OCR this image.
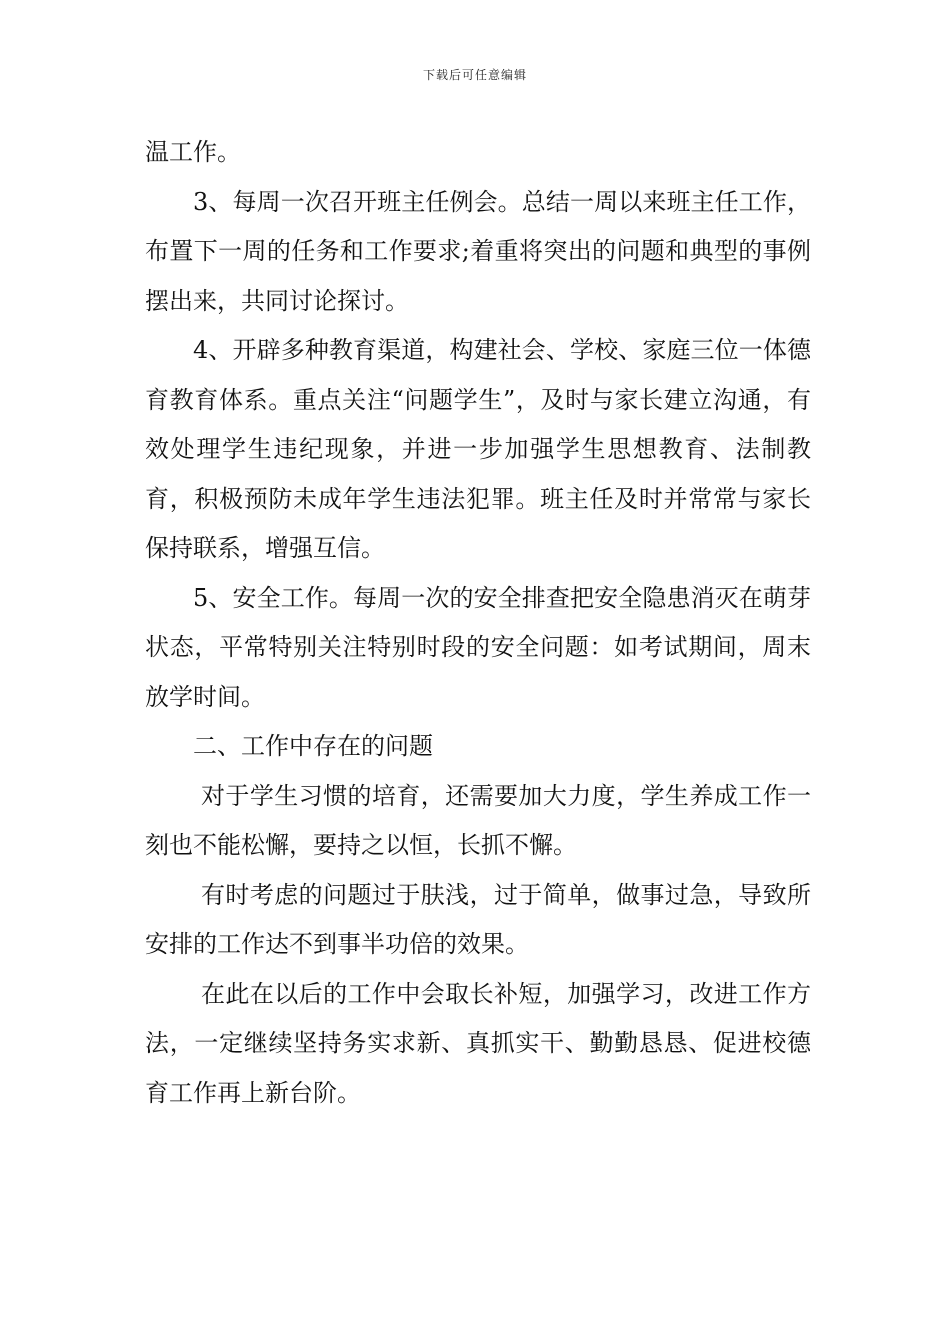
下载后可任意编辑

温工作。

3、每周一次召开班主任例会。总结一周以来班主任工作，布置下一周的任务和工作要求;着重将突出的问题和典型的事例摆出来，共同讨论探讨。

4、开辟多种教育渠道，构建社会、学校、家庭三位一体德育教育体系。重点关注“问题学生”，及时与家长建立沟通，有效处理学生违纪现象，并进一步加强学生思想教育、法制教育，积极预防未成年学生违法犯罪。班主任及时并常常与家长保持联系，增强互信。

5、安全工作。每周一次的安全排查把安全隐患消灭在萌芽状态，平常特别关注特别时段的安全问题：如考试期间，周末放学时间。

二、工作中存在的问题

对于学生习惯的培育，还需要加大力度，学生养成工作一刻也不能松懈，要持之以恒，长抓不懈。

有时考虑的问题过于肤浅，过于简单，做事过急，导致所安排的工作达不到事半功倍的效果。

在此在以后的工作中会取长补短，加强学习，改进工作方法，一定继续坚持务实求新、真抓实干、勤勤恳恳、促进校德育工作再上新台阶。
